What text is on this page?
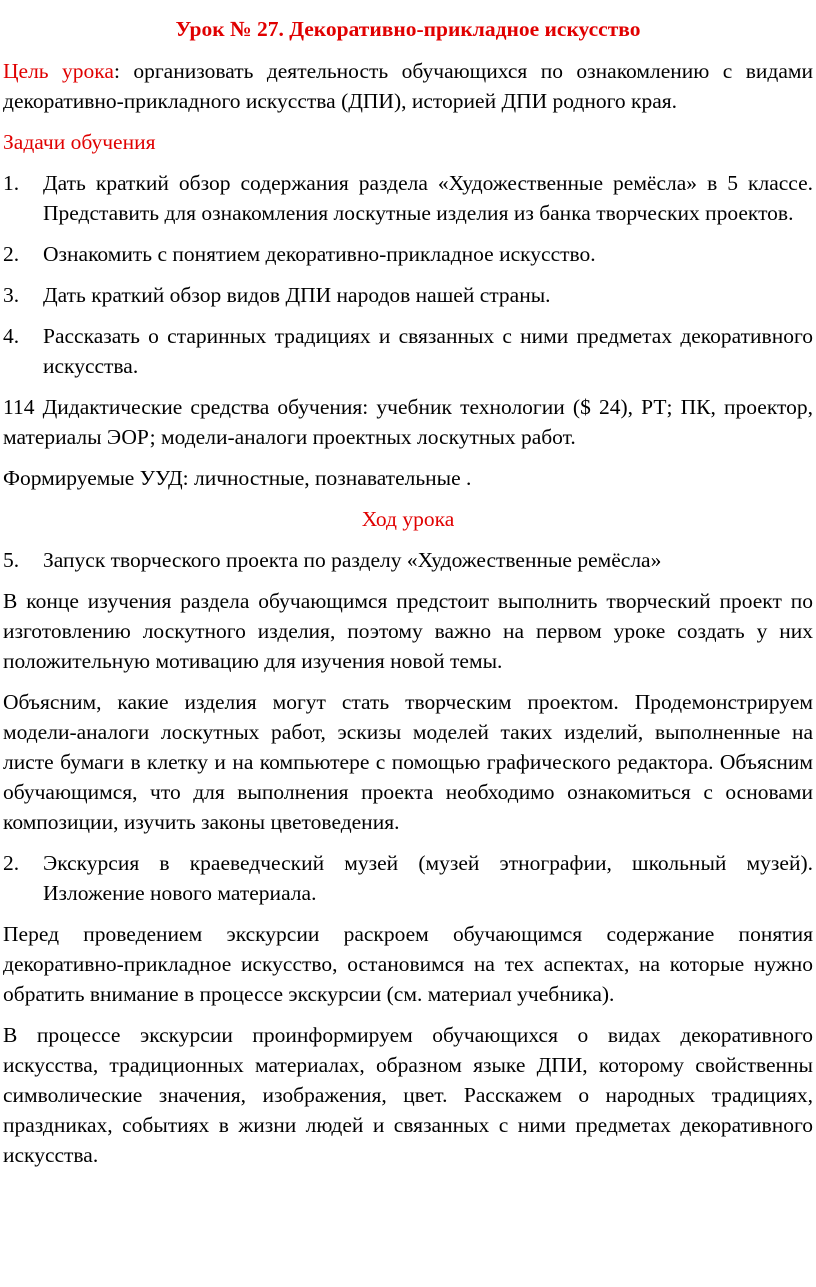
Урок № 27. Декоративно-прикладное искусство

Цель урока: организовать деятельность обучающихся по ознакомлению с видами декоративно-прикладного искусства (ДПИ), историей ДПИ родного края.

Задачи обучения
1. Дать краткий обзор содержания раздела «Художественные ремёсла» в 5 классе. Представить для ознакомления лоскутные изделия из банка творческих проектов.
2. Ознакомить с понятием декоративно-прикладное искусство.
3. Дать краткий обзор видов ДПИ народов нашей страны.
4. Рассказать о старинных традициях и связанных с ними предметах декоративного искусства.

114 Дидактические средства обучения: учебник технологии ($ 24), РТ; ПК, проектор, материалы ЭОР; модели-аналоги проектных лоскутных работ.

Формируемые УУД: личностные, познавательные .

Ход урока
5. Запуск творческого проекта по разделу «Художественные ремёсла»

В конце изучения раздела обучающимся предстоит выполнить творческий проект по изготовлению лоскутного изделия, поэтому важно на первом уроке создать у них положительную мотивацию для изучения новой темы.

Объясним, какие изделия могут стать творческим проектом. Продемонстрируем модели-аналоги лоскутных работ, эскизы моделей таких изделий, выполненные на листе бумаги в клетку и на компьютере с помощью графического редактора. Объясним обучающимся, что для выполнения проекта необходимо ознакомиться с основами композиции, изучить законы цветоведения.

2. Экскурсия в краеведческий музей (музей этнографии, школьный музей). Изложение нового материала.

Перед проведением экскурсии раскроем обучающимся содержание понятия декоративно-прикладное искусство, остановимся на тех аспектах, на которые нужно обратить внимание в процессе экскурсии (см. материал учебника).

В процессе экскурсии проинформируем обучающихся о видах декоративного искусства, традиционных материалах, образном языке ДПИ, которому свойственны символические значения, изображения, цвет. Расскажем о народных традициях, праздниках, событиях в жизни людей и связанных с ними предметах декоративного искусства.
